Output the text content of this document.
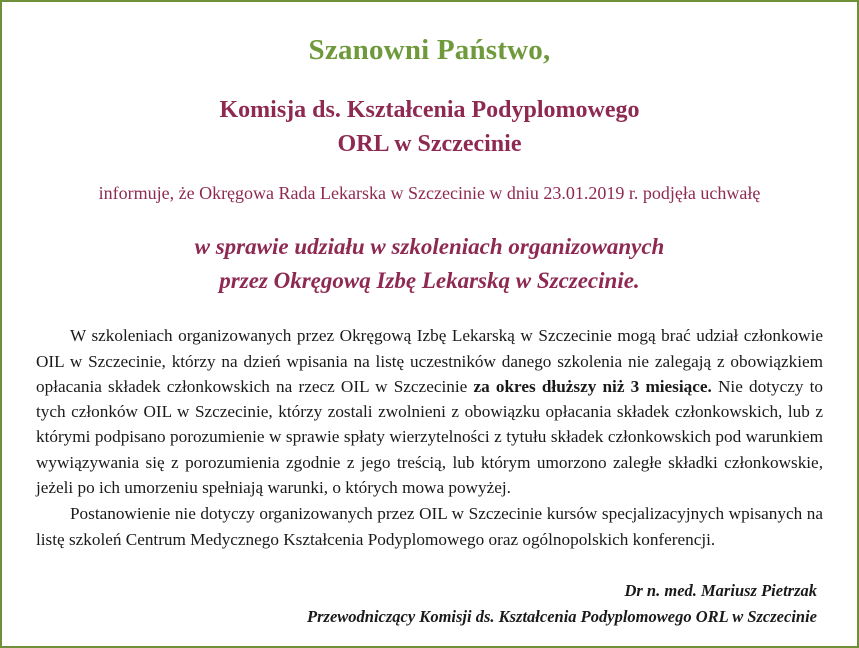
Szanowni Państwo,
Komisja ds. Kształcenia Podyplomowego
ORL w Szczecinie
informuje, że Okręgowa Rada Lekarska w Szczecinie w dniu 23.01.2019 r. podjęła uchwałę
w sprawie udziału w szkoleniach organizowanych
przez Okręgową Izbę Lekarską w Szczecinie.

W szkoleniach organizowanych przez Okręgową Izbę Lekarską w Szczecinie mogą brać udział członkowie OIL w Szczecinie, którzy na dzień wpisania na listę uczestników danego szkolenia nie zalegają z obowiązkiem opłacania składek członkowskich na rzecz OIL w Szczecinie za okres dłuższy niż 3 miesiące. Nie dotyczy to tych członków OIL w Szczecinie, którzy zostali zwolnieni z obowiązku opłacania składek członkowskich, lub z którymi podpisano porozumienie w sprawie spłaty wierzytelności z tytułu składek członkowskich pod warunkiem wywiązywania się z porozumienia zgodnie z jego treścią, lub którym umorzono zaległe składki członkowskie, jeżeli po ich umorzeniu spełniają warunki, o których mowa powyżej.

Postanowienie nie dotyczy organizowanych przez OIL w Szczecinie kursów specjalizacyjnych wpisanych na listę szkoleń Centrum Medycznego Kształcenia Podyplomowego oraz ogólnopolskich konferencji.

Dr n. med. Mariusz Pietrzak
Przewodniczący Komisji ds. Kształcenia Podyplomowego ORL w Szczecinie
